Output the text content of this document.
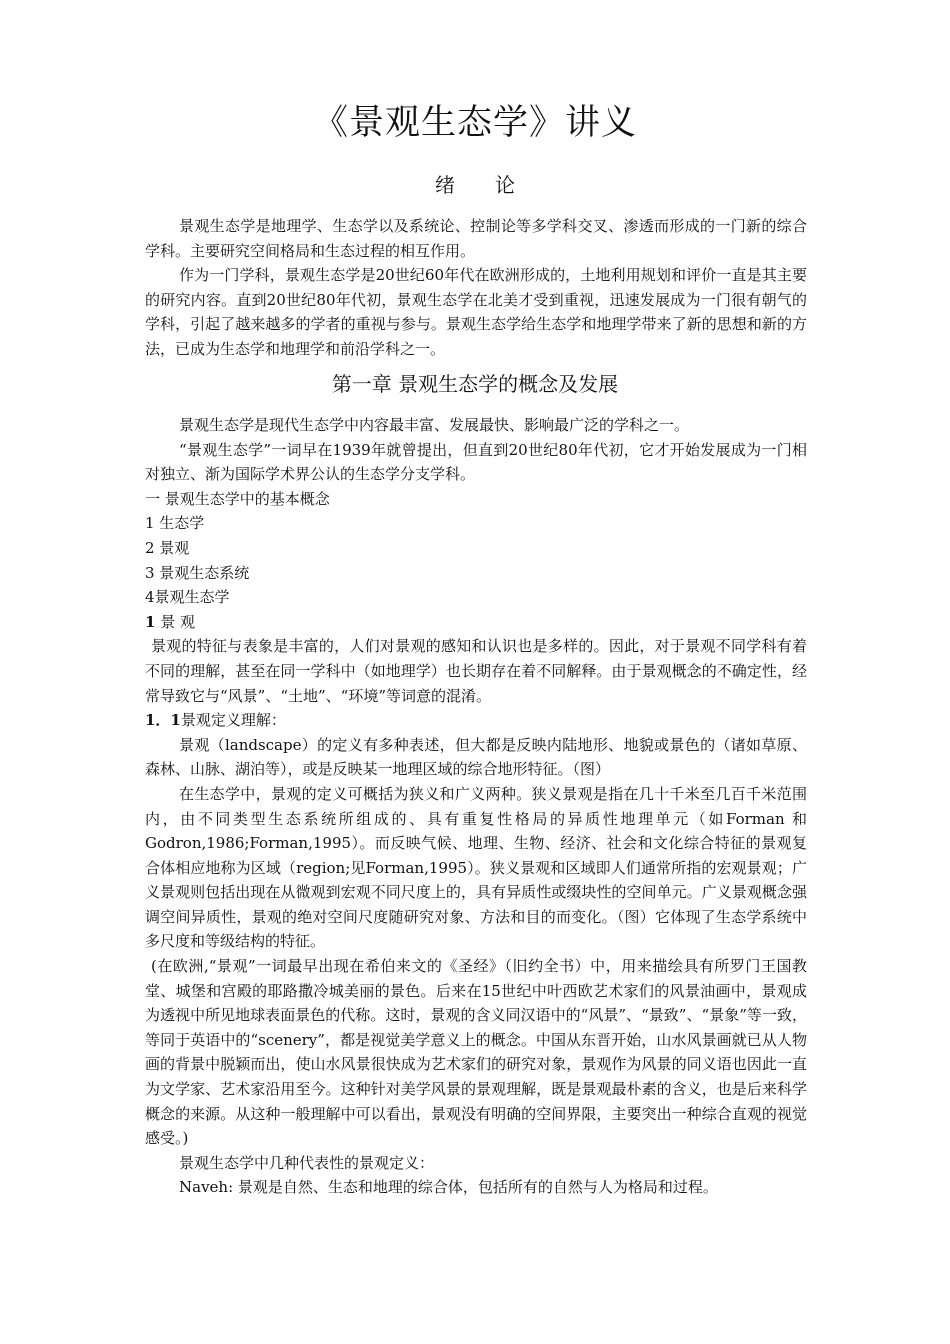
《景观生态学》讲义
绪　　论

景观生态学是地理学、生态学以及系统论、控制论等多学科交叉、渗透而形成的一门新的综合学科。主要研究空间格局和生态过程的相互作用。

作为一门学科，景观生态学是20世纪60年代在欧洲形成的，土地利用规划和评价一直是其主要的研究内容。直到20世纪80年代初，景观生态学在北美才受到重视，迅速发展成为一门很有朝气的学科，引起了越来越多的学者的重视与参与。景观生态学给生态学和地理学带来了新的思想和新的方法，已成为生态学和地理学和前沿学科之一。

第一章 景观生态学的概念及发展

景观生态学是现代生态学中内容最丰富、发展最快、影响最广泛的学科之一。

“景观生态学”一词早在1939年就曾提出，但直到20世纪80年代初，它才开始发展成为一门相对独立、渐为国际学术界公认的生态学分支学科。

一 景观生态学中的基本概念

1 生态学

2 景观

3 景观生态系统

4景观生态学

1 景 观

景观的特征与表象是丰富的，人们对景观的感知和认识也是多样的。因此，对于景观不同学科有着不同的理解，甚至在同一学科中（如地理学）也长期存在着不同解释。由于景观概念的不确定性，经常导致它与“风景”、“土地”、“环境”等词意的混淆。

1．1景观定义理解：

景观（landscape）的定义有多种表述，但大都是反映内陆地形、地貌或景色的（诸如草原、森林、山脉、湖泊等），或是反映某一地理区域的综合地形特征。（图）

在生态学中，景观的定义可概括为狭义和广义两种。狭义景观是指在几十千米至几百千米范围内，由不同类型生态系统所组成的、具有重复性格局的异质性地理单元（如Forman 和Godron,1986;Forman,1995）。而反映气候、地理、生物、经济、社会和文化综合特征的景观复合体相应地称为区域（region;见Forman,1995）。狭义景观和区域即人们通常所指的宏观景观；广义景观则包括出现在从微观到宏观不同尺度上的，具有异质性或缀块性的空间单元。广义景观概念强调空间异质性，景观的绝对空间尺度随研究对象、方法和目的而变化。（图）它体现了生态学系统中多尺度和等级结构的特征。

(在欧洲,“景观”一词最早出现在希伯来文的《圣经》（旧约全书）中，用来描绘具有所罗门王国教堂、城堡和宫殿的耶路撒冷城美丽的景色。后来在15世纪中叶西欧艺术家们的风景油画中，景观成为透视中所见地球表面景色的代称。这时，景观的含义同汉语中的“风景”、“景致”、“景象”等一致，等同于英语中的“scenery”，都是视觉美学意义上的概念。中国从东晋开始，山水风景画就已从人物画的背景中脱颖而出，使山水风景很快成为艺术家们的研究对象，景观作为风景的同义语也因此一直为文学家、艺术家沿用至今。这种针对美学风景的景观理解，既是景观最朴素的含义，也是后来科学概念的来源。从这种一般理解中可以看出，景观没有明确的空间界限，主要突出一种综合直观的视觉感受。)

景观生态学中几种代表性的景观定义：

Naveh: 景观是自然、生态和地理的综合体，包括所有的自然与人为格局和过程。
